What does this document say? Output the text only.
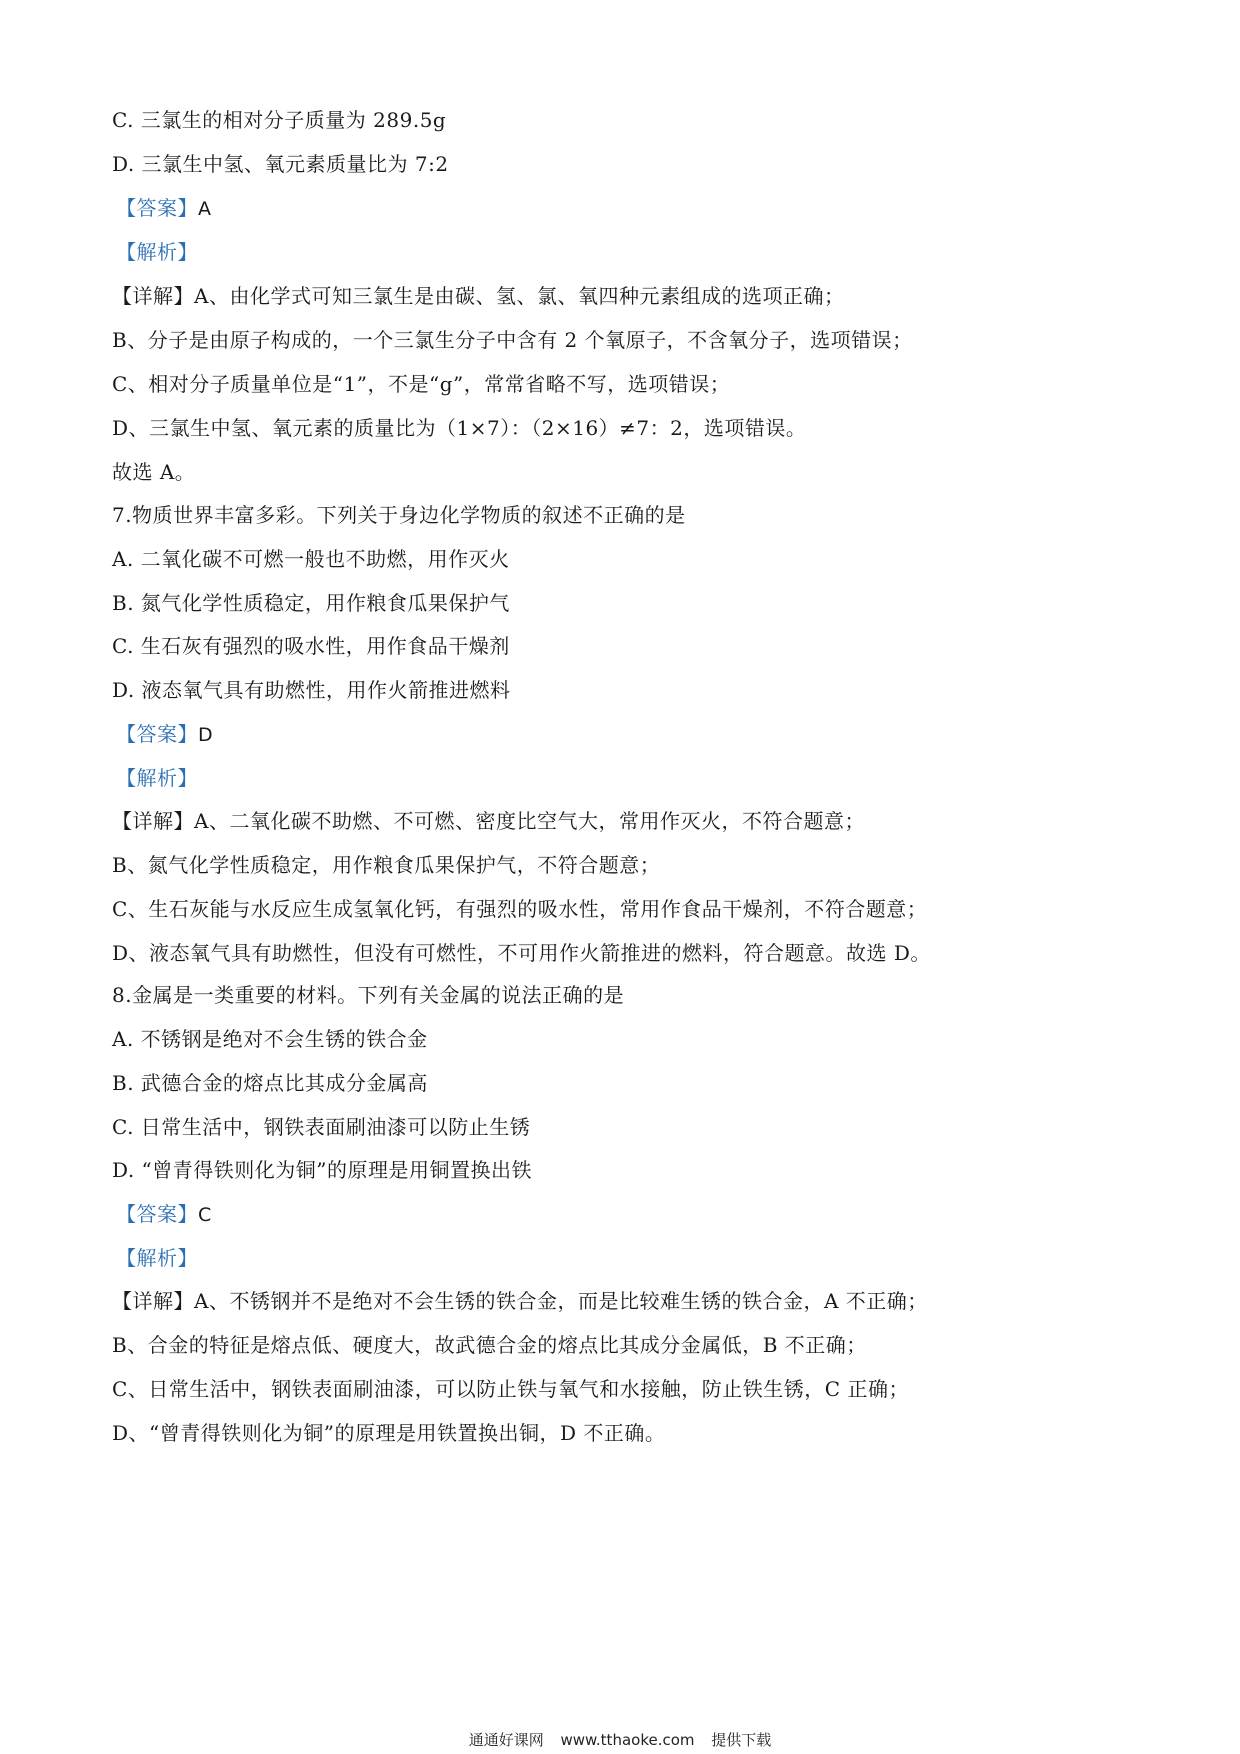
C. 三氯生的相对分子质量为 289.5g
D. 三氯生中氢、氧元素质量比为 7:2
【答案】A
【解析】
【详解】A、由化学式可知三氯生是由碳、氢、氯、氧四种元素组成的选项正确；
B、分子是由原子构成的，一个三氯生分子中含有 2 个氧原子，不含氧分子，选项错误；
C、相对分子质量单位是“1”，不是“g”，常常省略不写，选项错误；
D、三氯生中氢、氧元素的质量比为（1×7）：（2×16）≠7：2，选项错误。
故选 A。
7.物质世界丰富多彩。下列关于身边化学物质的叙述不正确的是
A. 二氧化碳不可燃一般也不助燃，用作灭火
B. 氮气化学性质稳定，用作粮食瓜果保护气
C. 生石灰有强烈的吸水性，用作食品干燥剂
D. 液态氧气具有助燃性，用作火箭推进燃料
【答案】D
【解析】
【详解】A、二氧化碳不助燃、不可燃、密度比空气大，常用作灭火，不符合题意；
B、氮气化学性质稳定，用作粮食瓜果保护气，不符合题意；
C、生石灰能与水反应生成氢氧化钙，有强烈的吸水性，常用作食品干燥剂，不符合题意；
D、液态氧气具有助燃性，但没有可燃性，不可用作火箭推进的燃料，符合题意。故选 D。
8.金属是一类重要的材料。下列有关金属的说法正确的是
A. 不锈钢是绝对不会生锈的铁合金
B. 武德合金的熔点比其成分金属高
C. 日常生活中，钢铁表面刷油漆可以防止生锈
D. “曾青得铁则化为铜”的原理是用铜置换出铁
【答案】C
【解析】
【详解】A、不锈钢并不是绝对不会生锈的铁合金，而是比较难生锈的铁合金，A 不正确；
B、合金的特征是熔点低、硬度大，故武德合金的熔点比其成分金属低，B 不正确；
C、日常生活中，钢铁表面刷油漆，可以防止铁与氧气和水接触，防止铁生锈，C 正确；
D、“曾青得铁则化为铜”的原理是用铁置换出铜，D 不正确。
通通好课网 www.tthaoke.com 提供下载
